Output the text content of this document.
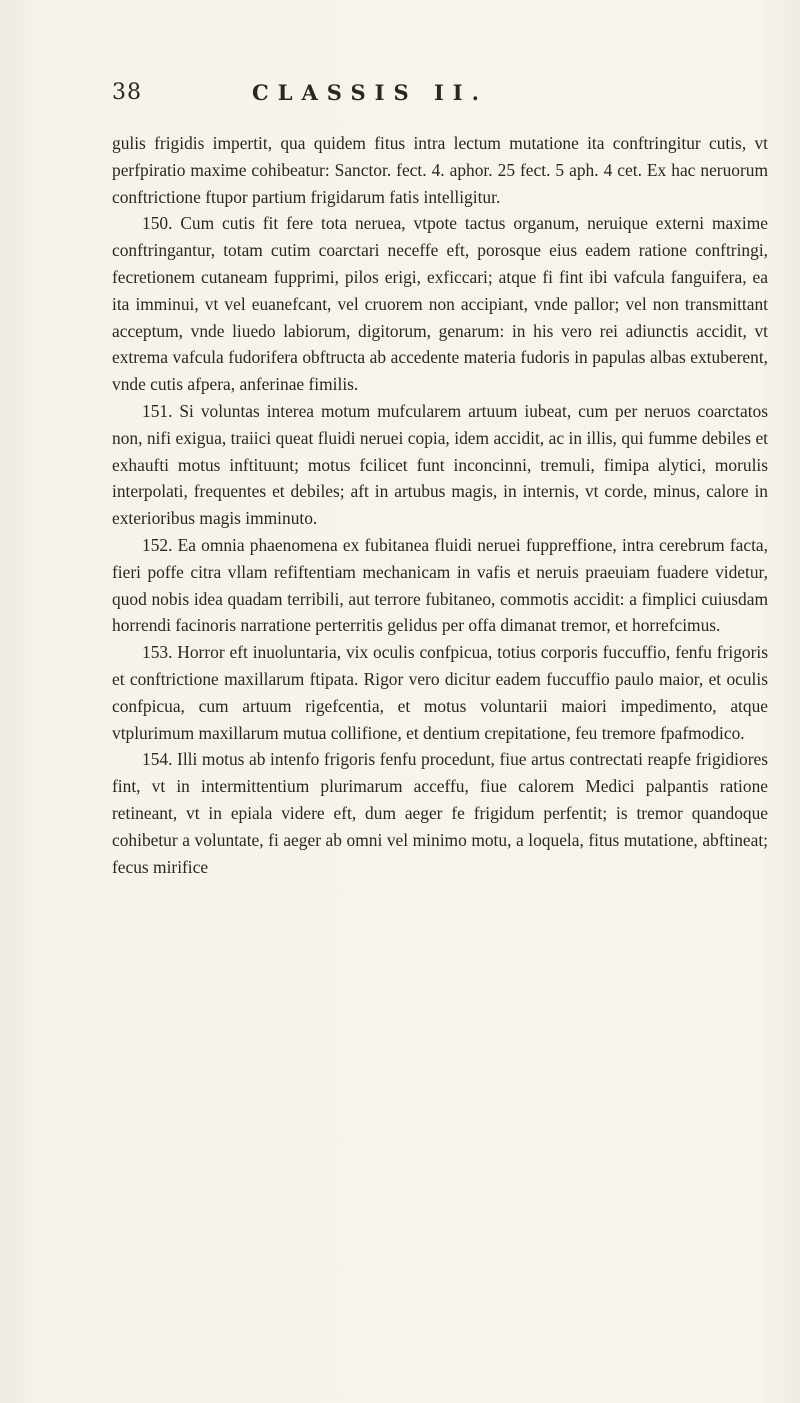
38	CLASSIS II.

gulis frigidis impertit, qua quidem fitus intra lectum mutatione ita conftringitur cutis, vt perfpiratio maxime cohibeatur: Sanctor. fect. 4. aphor. 25 fect. 5 aph. 4 cet. Ex hac neruorum conftrictione ftupor partium frigidarum fatis intelligitur.

150. Cum cutis fit fere tota neruea, vtpote tactus organum, neruique externi maxime conftringantur, totam cutim coarctari neceffe eft, porosque eius eadem ratione conftringi, fecretionem cutaneam fupprimi, pilos erigi, exficcari; atque fi fint ibi vafcula fanguifera, ea ita imminui, vt vel euanefcant, vel cruorem non accipiant, vnde pallor; vel non transmittant acceptum, vnde liuedo labiorum, digitorum, genarum: in his vero rei adiunctis accidit, vt extrema vafcula fudorifera obftructa ab accedente materia fudoris in papulas albas extuberent, vnde cutis afpera, anferinae fimilis.

151. Si voluntas interea motum mufcularem artuum iubeat, cum per neruos coarctatos non, nifi exigua, traiici queat fluidi neruei copia, idem accidit, ac in illis, qui fumme debiles et exhaufti motus inftituunt; motus fcilicet funt inconcinni, tremuli, fimipa alytici, morulis interpolati, frequentes et debiles; aft in artubus magis, in internis, vt corde, minus, calore in exterioribus magis imminuto.

152. Ea omnia phaenomena ex fubitanea fluidi neruei fuppreffione, intra cerebrum facta, fieri poffe citra vllam refiftentiam mechanicam in vafis et neruis praeuiam fuadere videtur, quod nobis idea quadam terribili, aut terrore fubitaneo, commotis accidit: a fimplici cuiusdam horrendi facinoris narratione perterritis gelidus per offa dimanat tremor, et horrefcimus.

153. Horror eft inuoluntaria, vix oculis confpicua, totius corporis fuccuffio, fenfu frigoris et conftrictione maxillarum ftipata. Rigor vero dicitur eadem fuccuffio paulo maior, et oculis confpicua, cum artuum rigefcentia, et motus voluntarii maiori impedimento, atque vtplurimum maxillarum mutua collifione, et dentium crepitatione, feu tremore fpafmodico.

154. Illi motus ab intenfo frigoris fenfu procedunt, fiue artus contrectati reapfe frigidiores fint, vt in intermittentium plurimarum acceffu, fiue calorem Medici palpantis ratione retineant, vt in epiala videre eft, dum aeger fe frigidum perfentit; is tremor quandoque cohibetur a voluntate, fi aeger ab omni vel minimo motu, a loquela, fitus mutatione, abftineat; fecus mirifice
